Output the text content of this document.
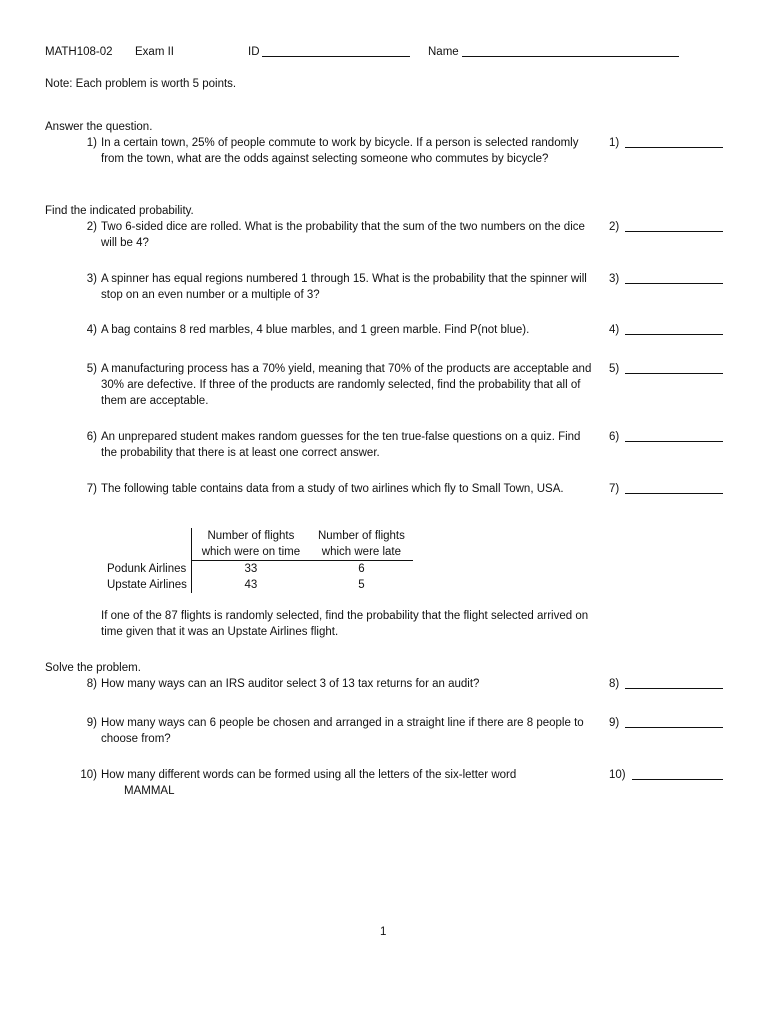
MATH108-02 Exam II	ID	Name
Note: Each problem is worth 5 points.
Answer the question.
1) In a certain town, 25% of people commute to work by bicycle. If a person is selected randomly from the town, what are the odds against selecting someone who commutes by bicycle?
1)
Find the indicated probability.
2) Two 6-sided dice are rolled. What is the probability that the sum of the two numbers on the dice will be 4?
2)
3) A spinner has equal regions numbered 1 through 15. What is the probability that the spinner will stop on an even number or a multiple of 3?
3)
4) A bag contains 8 red marbles, 4 blue marbles, and 1 green marble. Find P(not blue).	4)
5) A manufacturing process has a 70% yield, meaning that 70% of the products are acceptable and 30% are defective. If three of the products are randomly selected, find the probability that all of them are acceptable.
5)
6) An unprepared student makes random guesses for the ten true-false questions on a quiz. Find the probability that there is at least one correct answer.
6)
7) The following table contains data from a study of two airlines which fly to Small Town, USA.	7)
	Number of flights	Number of flights
	which were on time	which were late
Podunk Airlines	33	6
Upstate Airlines	43	5
If one of the 87 flights is randomly selected, find the probability that the flight selected arrived on time given that it was an Upstate Airlines flight.
Solve the problem.
8) How many ways can an IRS auditor select 3 of 13 tax returns for an audit?	8)
9) How many ways can 6 people be chosen and arranged in a straight line if there are 8 people to choose from?
9)
10) How many different words can be formed using all the letters of the six-letter word
MAMMAL
10)
1
